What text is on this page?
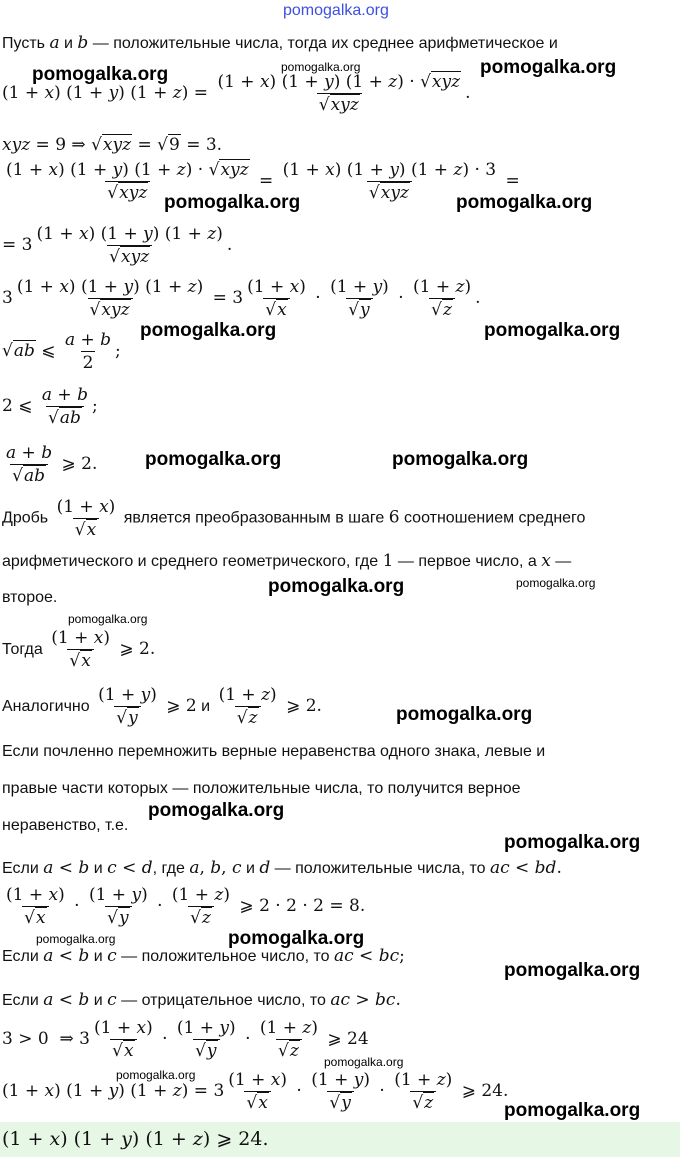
pomogalka.org
Пусть a и b — положительные числа, тогда их среднее арифметическое и
(1 + x) (1 + y) (1 + z) =
(1 + x) (1 + y) (1 + z) · √xyz
√xyz
.
xyz = 9 ⇒ √xyz = √9 = 3.
(1 + x) (1 + y) (1 + z) · √xyz
√xyz
=
(1 + x) (1 + y) (1 + z) · 3
√xyz
=
= 3
(1 + x) (1 + y) (1 + z)
√xyz
.
3
(1 + x) (1 + y) (1 + z)
√xyz
= $3 \frac{(1 + x)}{√x} \cdot \frac{(1 + y)}{√y} \cdot \frac{(1 + z)}{√z}$ .
√ab ⩽ $\frac{a + b}{2}$ ;
2 ⩽ $\frac{a + b}{√ab}$ ;
$\frac{a + b}{√ab}$ ⩾ 2.
Дробь $\frac{(1 + x)}{√x}$ является преобразованным в шаге 6 соотношением среднего
арифметического и среднего геометрического, где 1 — первое число, а x —
второе.
Тогда $\frac{(1 + x)}{√x}$ ⩾ 2.
Аналогично $\frac{(1 + y)}{√y}$ ⩾ 2 и $\frac{(1 + z)}{√z}$ ⩾ 2.
Если почленно перемножить верные неравенства одного знака, левые и
правые части которых — положительные числа, то получится верное
неравенство, т.е.
Если a < b и c < d, где a, b, c и d — положительные числа, то ac < bd.
$\frac{(1 + x)}{√x} \cdot \frac{(1 + y)}{√y} \cdot \frac{(1 + z)}{√z}$ ⩾ 2 · 2 · 2 = 8.
Если a < b и c — положительное число, то ac < bc;
Если a < b и c — отрицательное число, то ac > bc.
3 > 0  ⇒ $3 \frac{(1 + x)}{√x} \cdot \frac{(1 + y)}{√y} \cdot \frac{(1 + z)}{√z}$ ⩾ 24
(1 + x) (1 + y) $(1 + z) = 3 \frac{(1 + x)}{√x} \cdot \frac{(1 + y)}{√y} \cdot \frac{(1 + z)}{√z}$ ⩾ 24.
(1 + x) (1 + y) (1 + z) ⩾ 24.
pomogalka.org	pomogalka.org	pomogalka.org
pomogalka.org	pomogalka.org
pomogalka.org	pomogalka.org
pomogalka.org	pomogalka.org
pomogalka.org	pomogalka.org
pomogalka.org
pomogalka.org
pomogalka.org
pomogalka.org
pomogalka.org	pomogalka.org
pomogalka.org
pomogalka.org
pomogalka.org
pomogalka.org
